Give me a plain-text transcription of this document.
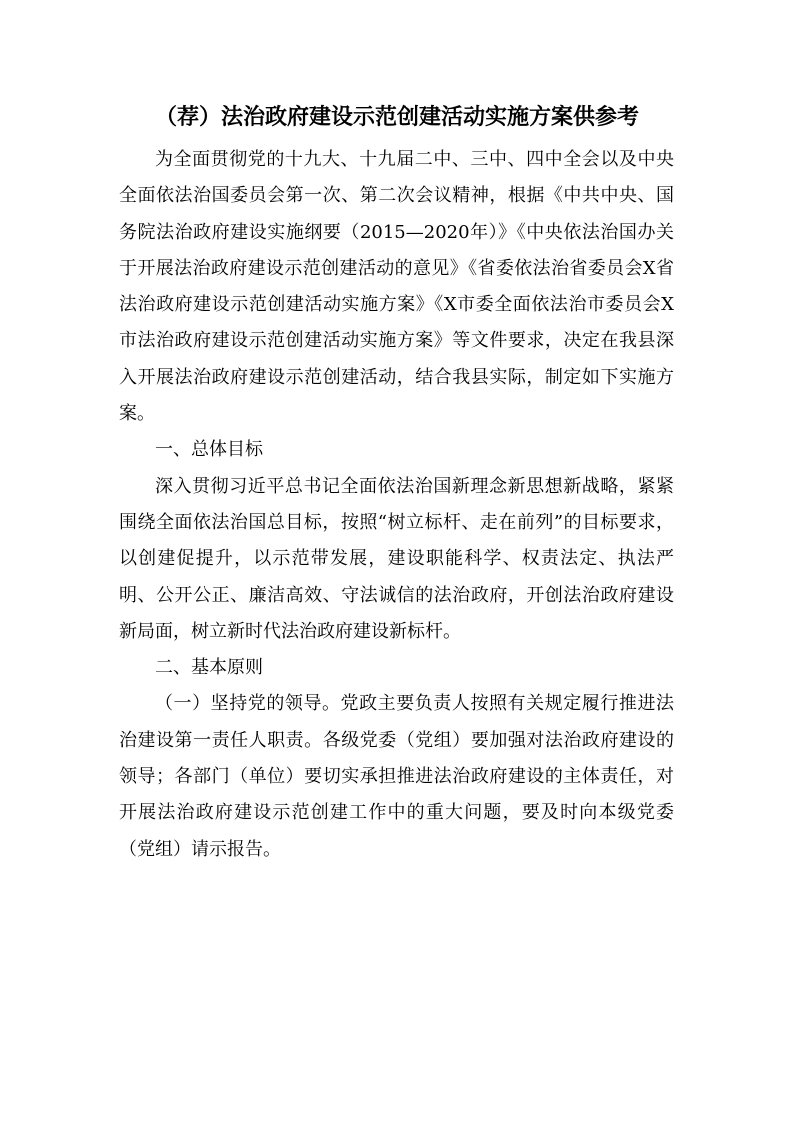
（荐）法治政府建设示范创建活动实施方案供参考

为全面贯彻党的十九大、十九届二中、三中、四中全会以及中央全面依法治国委员会第一次、第二次会议精神，根据《中共中央、国务院法治政府建设实施纲要（2015—2020年）》《中央依法治国办关于开展法治政府建设示范创建活动的意见》《省委依法治省委员会X省法治政府建设示范创建活动实施方案》《X市委全面依法治市委员会X市法治政府建设示范创建活动实施方案》等文件要求，决定在我县深入开展法治政府建设示范创建活动，结合我县实际，制定如下实施方案。

一、总体目标

深入贯彻习近平总书记全面依法治国新理念新思想新战略，紧紧围绕全面依法治国总目标，按照“树立标杆、走在前列”的目标要求，以创建促提升，以示范带发展，建设职能科学、权责法定、执法严明、公开公正、廉洁高效、守法诚信的法治政府，开创法治政府建设新局面，树立新时代法治政府建设新标杆。

二、基本原则

（一）坚持党的领导。党政主要负责人按照有关规定履行推进法治建设第一责任人职责。各级党委（党组）要加强对法治政府建设的领导；各部门（单位）要切实承担推进法治政府建设的主体责任，对开展法治政府建设示范创建工作中的重大问题，要及时向本级党委（党组）请示报告。
